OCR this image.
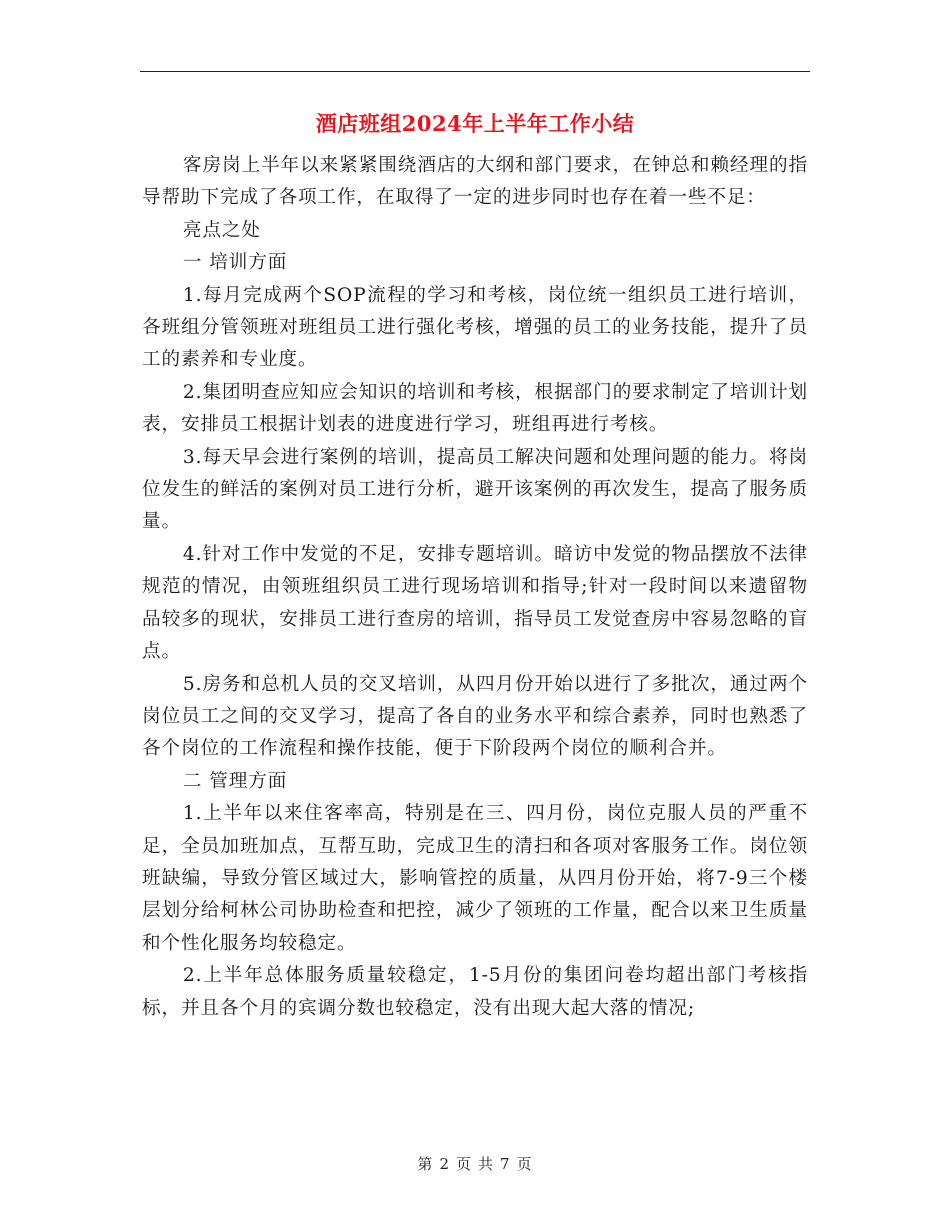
酒店班组2024年上半年工作小结

客房岗上半年以来紧紧围绕酒店的大纲和部门要求，在钟总和赖经理的指导帮助下完成了各项工作，在取得了一定的进步同时也存在着一些不足：

亮点之处

一 培训方面

1.每月完成两个SOP流程的学习和考核，岗位统一组织员工进行培训，各班组分管领班对班组员工进行强化考核，增强的员工的业务技能，提升了员工的素养和专业度。

2.集团明查应知应会知识的培训和考核，根据部门的要求制定了培训计划表，安排员工根据计划表的进度进行学习，班组再进行考核。

3.每天早会进行案例的培训，提高员工解决问题和处理问题的能力。将岗位发生的鲜活的案例对员工进行分析，避开该案例的再次发生，提高了服务质量。

4.针对工作中发觉的不足，安排专题培训。暗访中发觉的物品摆放不法律规范的情况，由领班组织员工进行现场培训和指导;针对一段时间以来遗留物品较多的现状，安排员工进行查房的培训，指导员工发觉查房中容易忽略的盲点。

5.房务和总机人员的交叉培训，从四月份开始以进行了多批次，通过两个岗位员工之间的交叉学习，提高了各自的业务水平和综合素养，同时也熟悉了各个岗位的工作流程和操作技能，便于下阶段两个岗位的顺利合并。

二 管理方面

1.上半年以来住客率高，特别是在三、四月份，岗位克服人员的严重不足，全员加班加点，互帮互助，完成卫生的清扫和各项对客服务工作。岗位领班缺编，导致分管区域过大，影响管控的质量，从四月份开始，将7-9三个楼层划分给柯林公司协助检查和把控，减少了领班的工作量，配合以来卫生质量和个性化服务均较稳定。

2.上半年总体服务质量较稳定，1-5月份的集团问卷均超出部门考核指标，并且各个月的宾调分数也较稳定，没有出现大起大落的情况;

第 2 页 共 7 页
